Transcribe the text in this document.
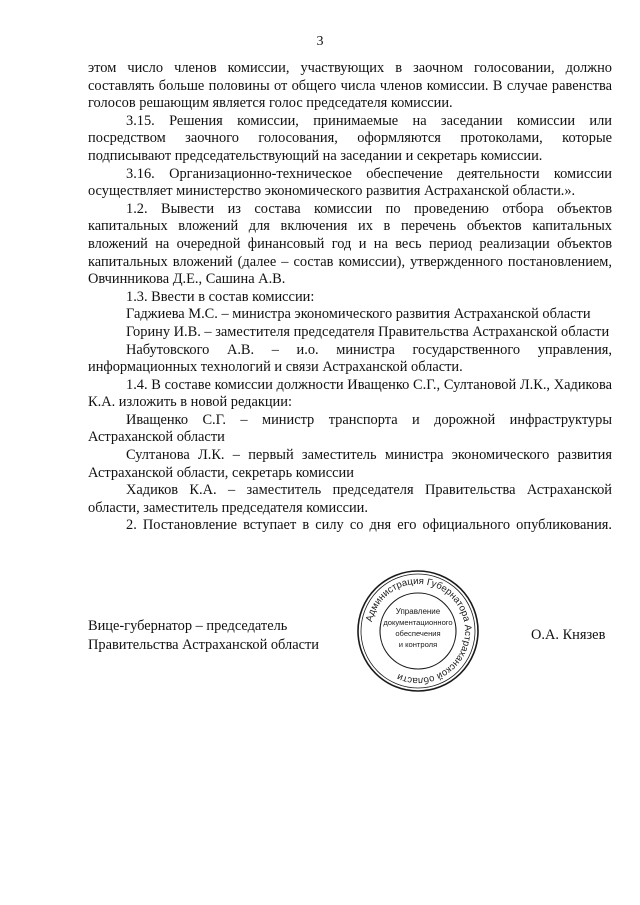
3

этом число членов комиссии, участвующих в заочном голосовании, должно составлять больше половины от общего числа членов комиссии. В случае равенства голосов решающим является голос председателя комиссии.

3.15. Решения комиссии, принимаемые на заседании комиссии или посредством заочного голосования, оформляются протоколами, которые подписывают председательствующий на заседании и секретарь комиссии.

3.16. Организационно-техническое обеспечение деятельности комиссии осуществляет министерство экономического развития Астраханской области.».

1.2. Вывести из состава комиссии по проведению отбора объектов капитальных вложений для включения их в перечень объектов капитальных вложений на очередной финансовый год и на весь период реализации объектов капитальных вложений (далее – состав комиссии), утвержденного постановлением, Овчинникова Д.Е., Сашина А.В.

1.3. Ввести в состав комиссии:

Гаджиева М.С. – министра экономического развития Астраханской области

Горину И.В. – заместителя председателя Правительства Астраханской области

Набутовского А.В. – и.о. министра государственного управления, информационных технологий и связи Астраханской области.

1.4. В составе комиссии должности Иващенко С.Г., Султановой Л.К., Хадикова К.А. изложить в новой редакции:

Иващенко С.Г. – министр транспорта и дорожной инфраструктуры Астраханской области

Султанова Л.К. – первый заместитель министра экономического развития Астраханской области, секретарь комиссии

Хадиков К.А. – заместитель председателя Правительства Астраханской области, заместитель председателя комиссии.

2. Постановление вступает в силу со дня его официального опубликования.

Вице-губернатор – председатель
Правительства Астраханской области
Администрация Губернатора Астраханской области
Управление
документационного
обеспечения
и контроля
О.А. Князев
